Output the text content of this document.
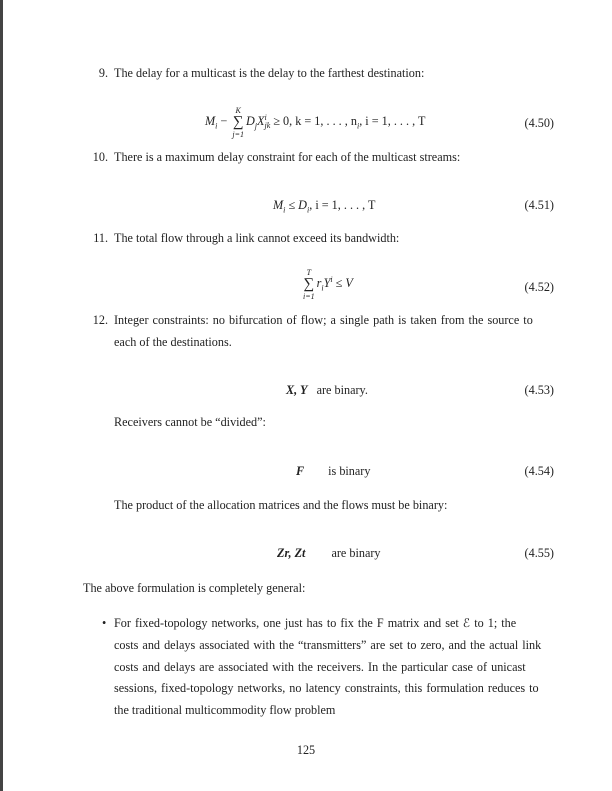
9. The delay for a multicast is the delay to the farthest destination:
$M_i$ −
K
∑
j=1
$D_jX$ i
jk ≥ 0, k = 1, . . . , $n_i$, i = 1, . . . , T	(4.50)
10. There is a maximum delay constraint for each of the multicast streams:
$M_i \le D_i$, i = 1, . . . , T	(4.51)
11. The total flow through a link cannot exceed its bandwidth:
T
∑
i=1
$r_iY^i \le V$	(4.52)
12. Integer constraints: no bifurcation of flow; a single path is taken from the source to
each of the destinations.
X, Y are binary.	(4.53)
Receivers cannot be “divided”:
F is binary	(4.54)
The product of the allocation matrices and the flows must be binary:
Zr, Zt are binary	(4.55)
The above formulation is completely general:
• For fixed-topology networks, one just has to fix the F matrix and set ℰ to 1; the
costs and delays associated with the “transmitters” are set to zero, and the actual link
costs and delays are associated with the receivers. In the particular case of unicast
sessions, fixed-topology networks, no latency constraints, this formulation reduces to
the traditional multicommodity flow problem
125
